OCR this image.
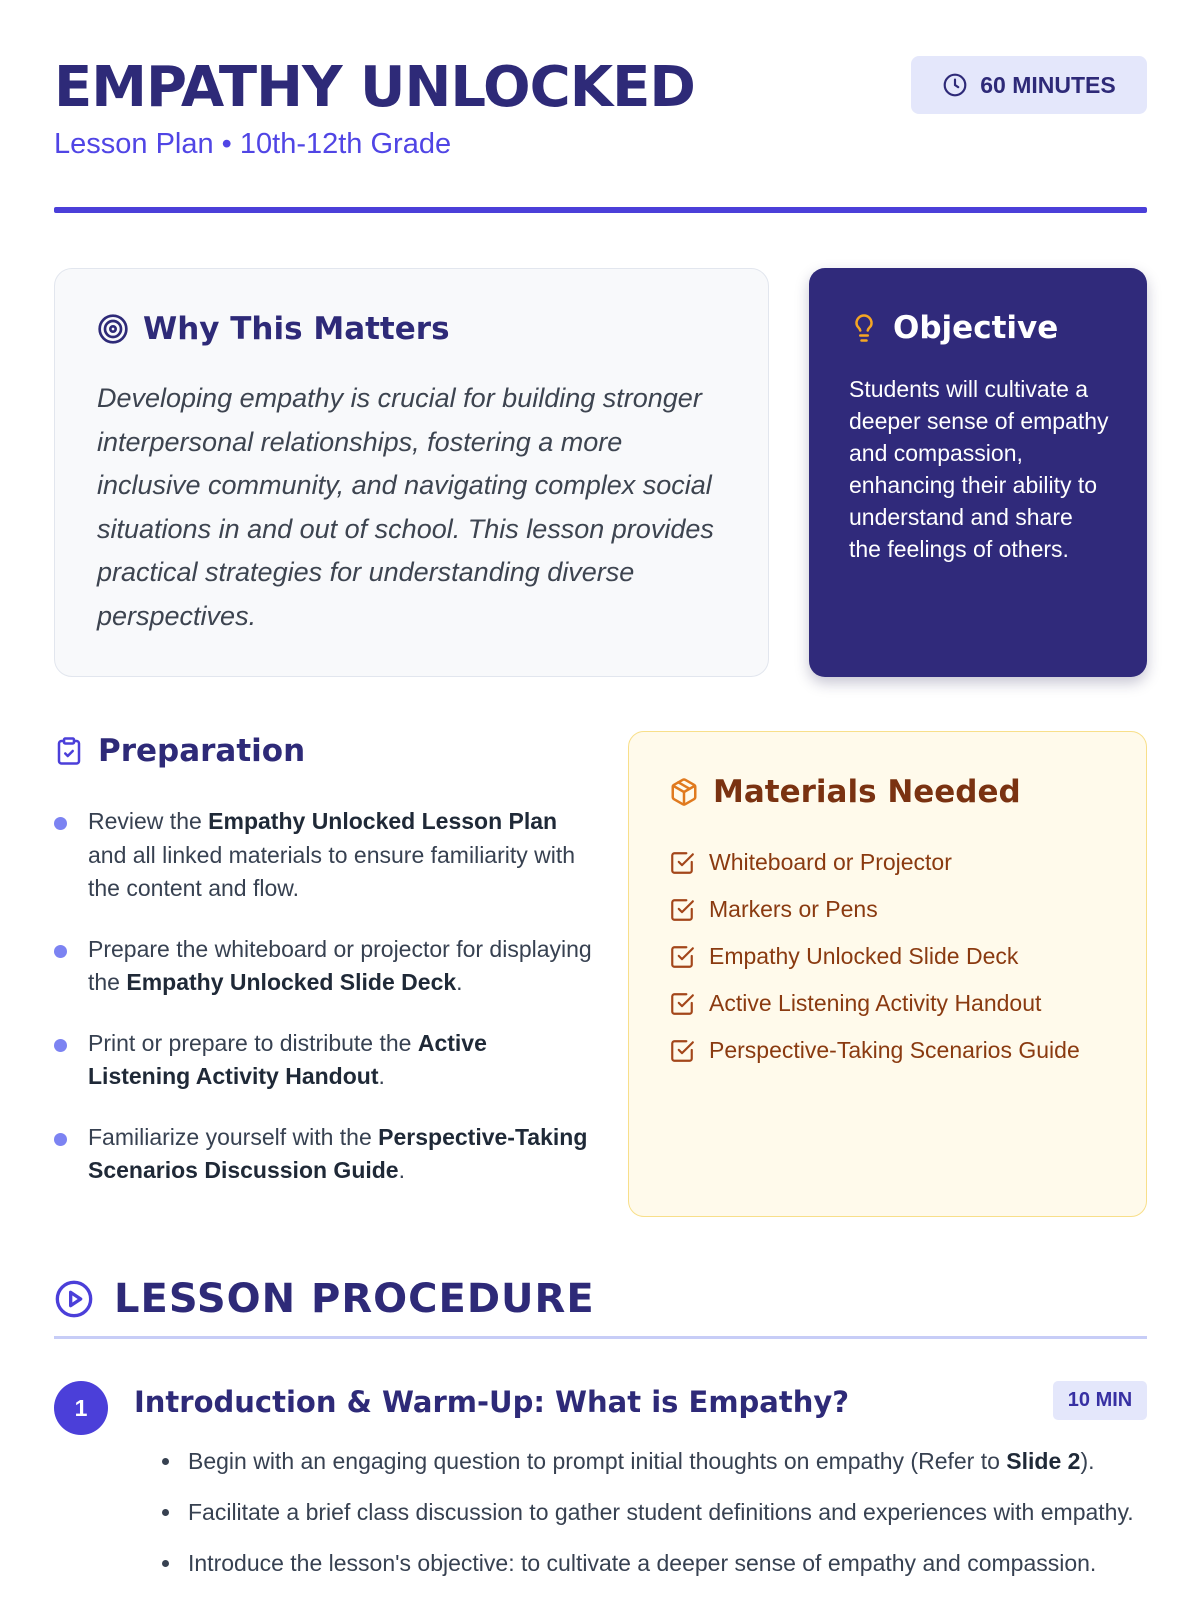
EMPATHY UNLOCKED
Lesson Plan • 10th-12th Grade
60 MINUTES
Why This Matters

Developing empathy is crucial for building stronger interpersonal relationships, fostering a more inclusive community, and navigating complex social situations in and out of school. This lesson provides practical strategies for understanding diverse perspectives.

Objective

Students will cultivate a deeper sense of empathy and compassion, enhancing their ability to understand and share the feelings of others.

Preparation
Review the Empathy Unlocked Lesson Plan and all linked materials to ensure familiarity with the content and flow.
Prepare the whiteboard or projector for displaying the Empathy Unlocked Slide Deck.
Print or prepare to distribute the Active Listening Activity Handout.
Familiarize yourself with the Perspective-Taking Scenarios Discussion Guide.
Materials Needed
Whiteboard or Projector
Markers or Pens
Empathy Unlocked Slide Deck
Active Listening Activity Handout
Perspective-Taking Scenarios Guide
LESSON PROCEDURE
1	Introduction & Warm-Up: What is Empathy?	10 MIN
Begin with an engaging question to prompt initial thoughts on empathy (Refer to Slide 2).
Facilitate a brief class discussion to gather student definitions and experiences with empathy.
Introduce the lesson's objective: to cultivate a deeper sense of empathy and compassion.
